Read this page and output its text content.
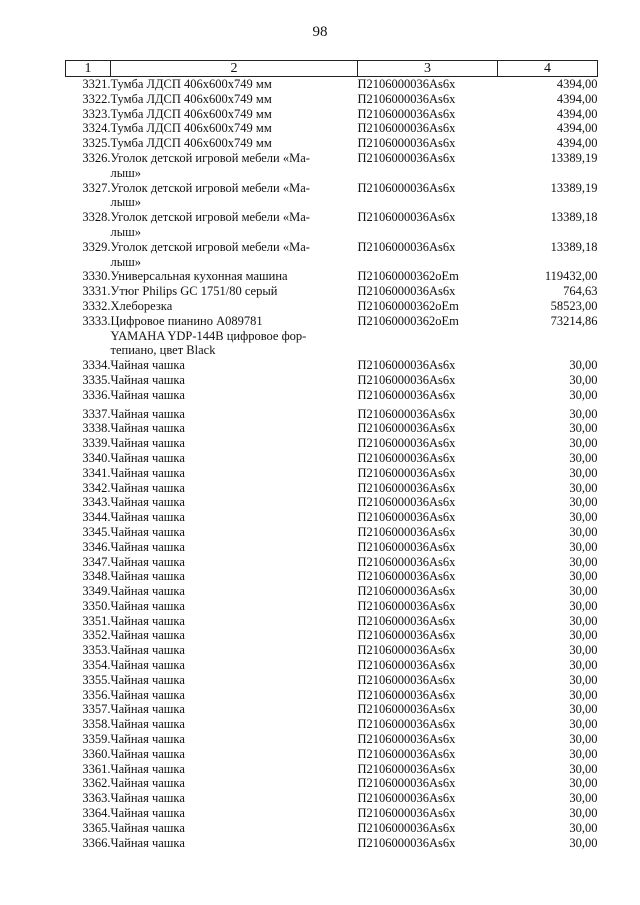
98
1	2	3	4
3321.	Тумба ЛДСП 406х600х749 мм	П2106000036Аs6x	4394,00
3322.	Тумба ЛДСП 406х600х749 мм	П2106000036Аs6x	4394,00
3323.	Тумба ЛДСП 406х600х749 мм	П2106000036Аs6x	4394,00
3324.	Тумба ЛДСП 406х600х749 мм	П2106000036Аs6x	4394,00
3325.	Тумба ЛДСП 406х600х749 мм	П2106000036Аs6x	4394,00
3326.	Уголок детской игровой мебели «Ма-
лыш»	П2106000036Аs6x	13389,19
3327.	Уголок детской игровой мебели «Ма-
лыш»	П2106000036Аs6x	13389,19
3328.	Уголок детской игровой мебели «Ма-
лыш»	П2106000036Аs6x	13389,18
3329.	Уголок детской игровой мебели «Ма-
лыш»	П2106000036Аs6x	13389,18
3330.	Универсальная кухонная машина	П21060000362oEm	119432,00
3331.	Утюг Philips GC 1751/80 серый	П2106000036Аs6x	764,63
3332.	Хлеборезка	П21060000362oEm	58523,00
3333.	Цифровое пианино А089781
YAMAHA YDP-144B цифровое фор-
тепиано, цвет Black	П21060000362oEm	73214,86
3334.	Чайная чашка	П2106000036Аs6x	30,00
3335.	Чайная чашка	П2106000036Аs6x	30,00
3336.	Чайная чашка	П2106000036Аs6x	30,00
3337.	Чайная чашка	П2106000036Аs6x	30,00
3338.	Чайная чашка	П2106000036Аs6x	30,00
3339.	Чайная чашка	П2106000036Аs6x	30,00
3340.	Чайная чашка	П2106000036Аs6x	30,00
3341.	Чайная чашка	П2106000036Аs6x	30,00
3342.	Чайная чашка	П2106000036Аs6x	30,00
3343.	Чайная чашка	П2106000036Аs6x	30,00
3344.	Чайная чашка	П2106000036Аs6x	30,00
3345.	Чайная чашка	П2106000036Аs6x	30,00
3346.	Чайная чашка	П2106000036Аs6x	30,00
3347.	Чайная чашка	П2106000036Аs6x	30,00
3348.	Чайная чашка	П2106000036Аs6x	30,00
3349.	Чайная чашка	П2106000036Аs6x	30,00
3350.	Чайная чашка	П2106000036Аs6x	30,00
3351.	Чайная чашка	П2106000036Аs6x	30,00
3352.	Чайная чашка	П2106000036Аs6x	30,00
3353.	Чайная чашка	П2106000036Аs6x	30,00
3354.	Чайная чашка	П2106000036Аs6x	30,00
3355.	Чайная чашка	П2106000036Аs6x	30,00
3356.	Чайная чашка	П2106000036Аs6x	30,00
3357.	Чайная чашка	П2106000036Аs6x	30,00
3358.	Чайная чашка	П2106000036Аs6x	30,00
3359.	Чайная чашка	П2106000036Аs6x	30,00
3360.	Чайная чашка	П2106000036Аs6x	30,00
3361.	Чайная чашка	П2106000036Аs6x	30,00
3362.	Чайная чашка	П2106000036Аs6x	30,00
3363.	Чайная чашка	П2106000036Аs6x	30,00
3364.	Чайная чашка	П2106000036Аs6x	30,00
3365.	Чайная чашка	П2106000036Аs6x	30,00
3366.	Чайная чашка	П2106000036Аs6x	30,00
